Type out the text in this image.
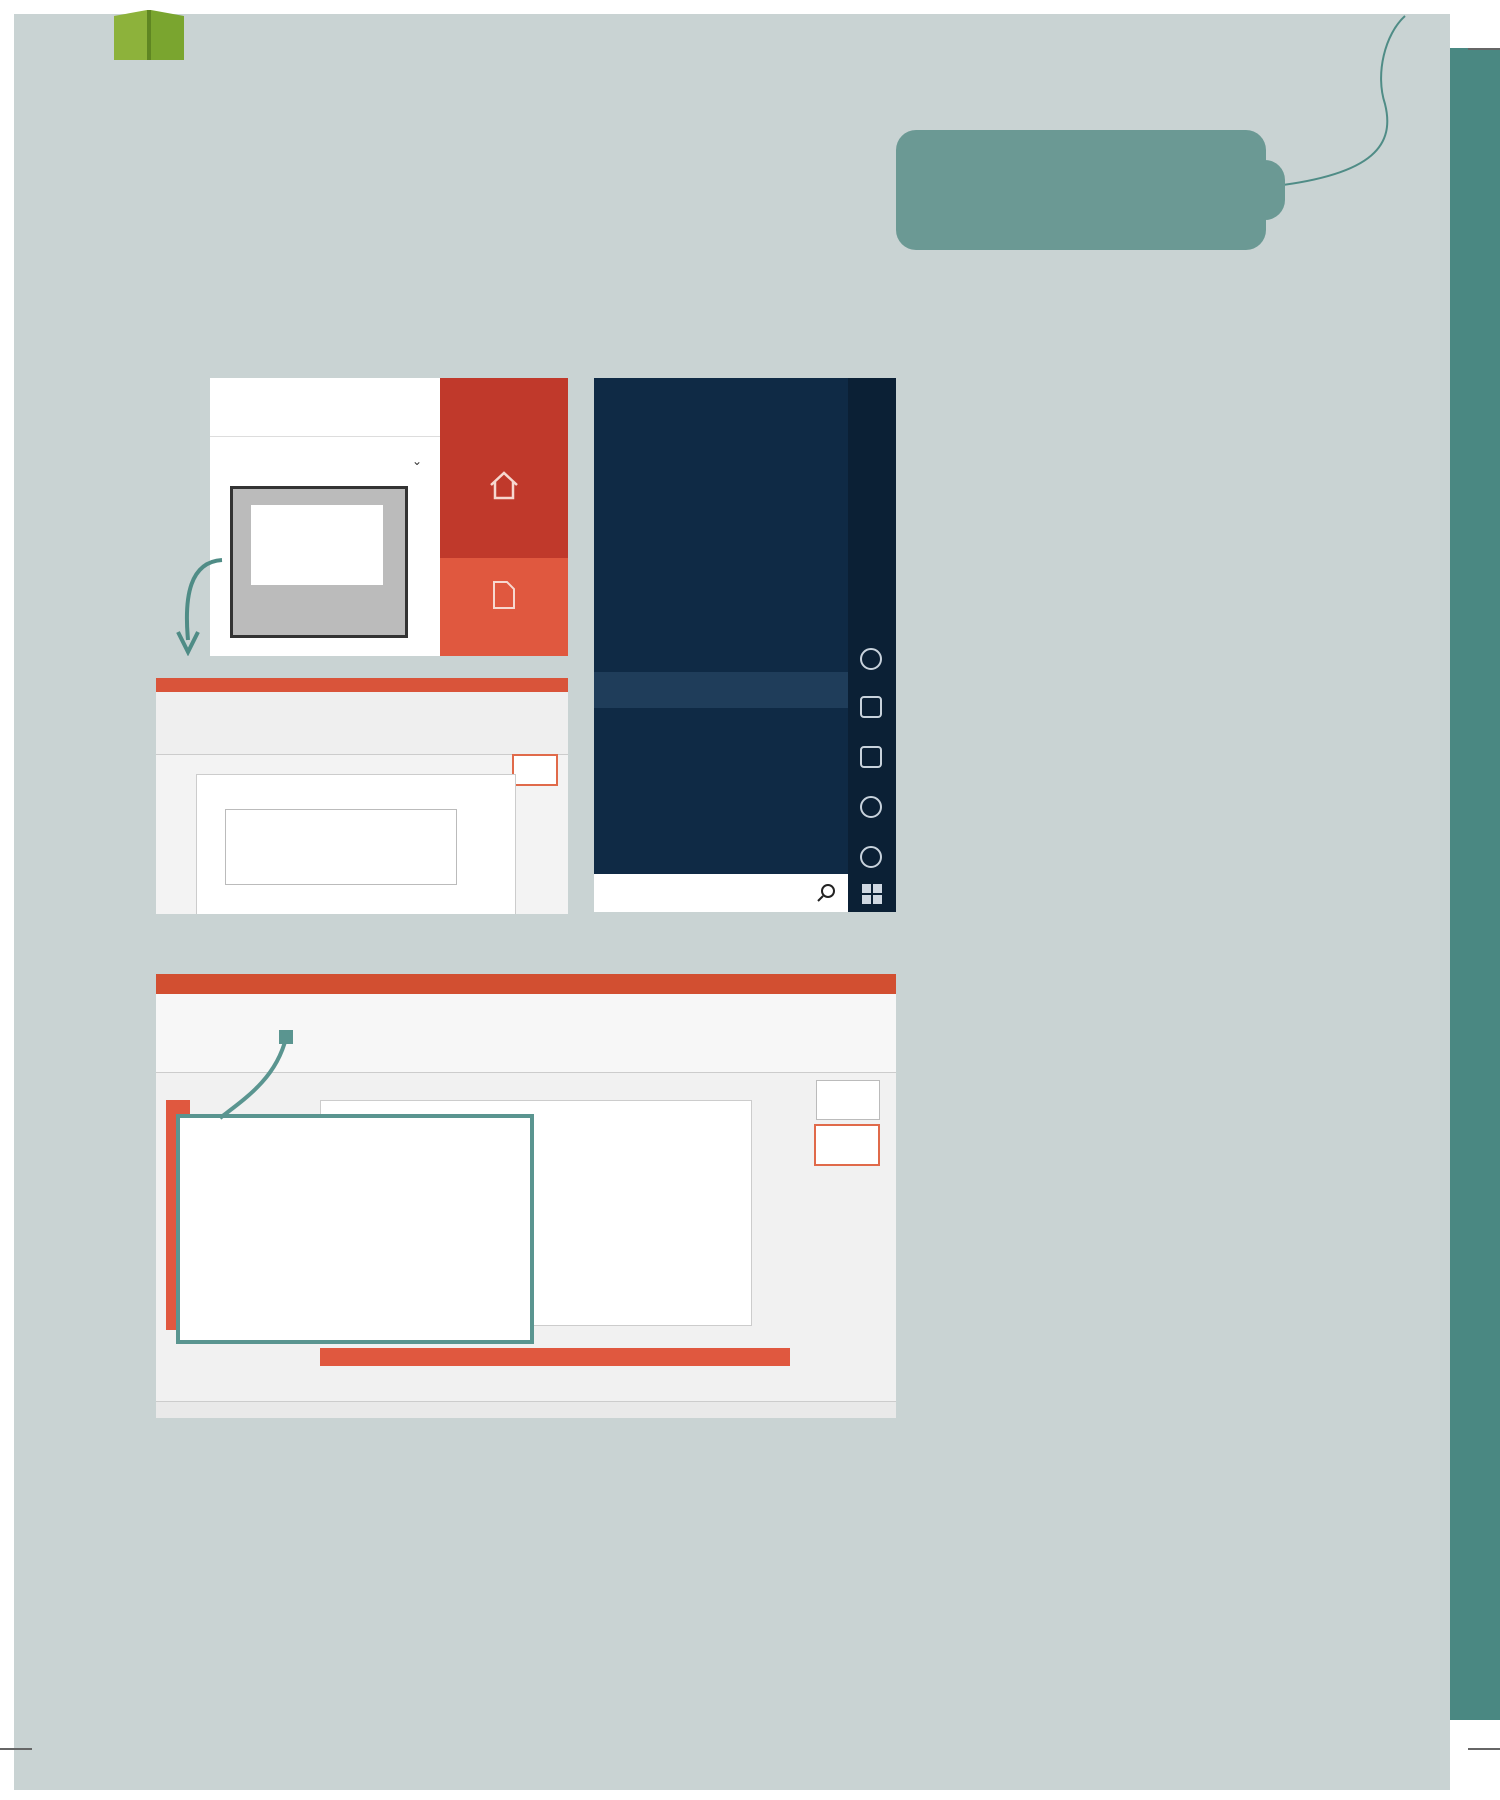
⌄
